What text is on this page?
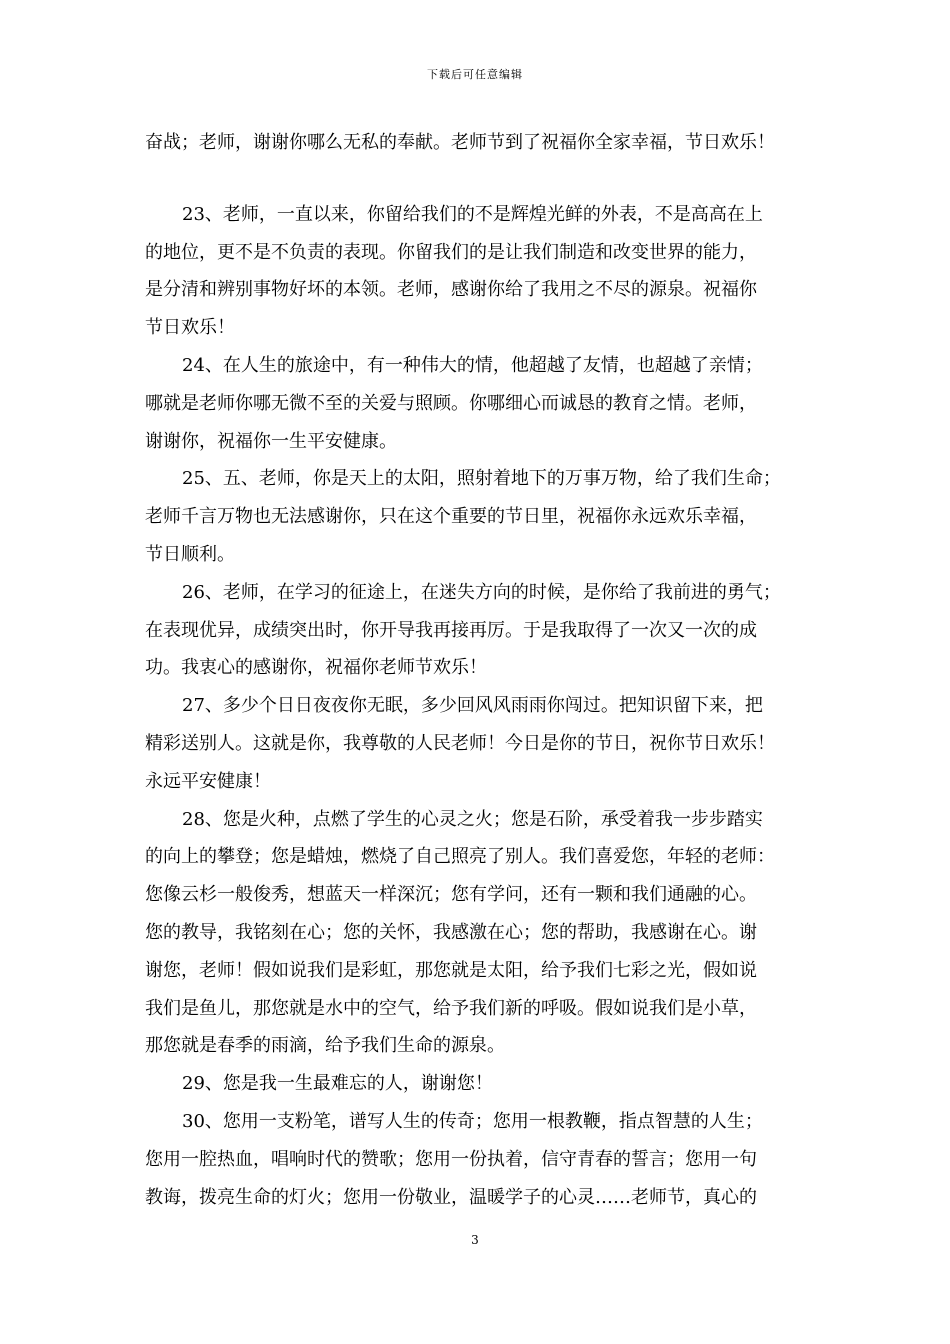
下载后可任意编辑
奋战；老师，谢谢你哪么无私的奉献。老师节到了祝福你全家幸福，节日欢乐！
23、老师，一直以来，你留给我们的不是辉煌光鲜的外表，不是高高在上
的地位，更不是不负责的表现。你留我们的是让我们制造和改变世界的能力，
是分清和辨别事物好坏的本领。老师，感谢你给了我用之不尽的源泉。祝福你
节日欢乐！
24、在人生的旅途中，有一种伟大的情，他超越了友情，也超越了亲情；
哪就是老师你哪无微不至的关爱与照顾。你哪细心而诚恳的教育之情。老师，
谢谢你，祝福你一生平安健康。
25、五、老师，你是天上的太阳，照射着地下的万事万物，给了我们生命；
老师千言万物也无法感谢你，只在这个重要的节日里，祝福你永远欢乐幸福，
节日顺利。
26、老师，在学习的征途上，在迷失方向的时候，是你给了我前进的勇气；
在表现优异，成绩突出时，你开导我再接再厉。于是我取得了一次又一次的成
功。我衷心的感谢你，祝福你老师节欢乐！
27、多少个日日夜夜你无眠，多少回风风雨雨你闯过。把知识留下来，把
精彩送别人。这就是你，我尊敬的人民老师！今日是你的节日，祝你节日欢乐！
永远平安健康！
28、您是火种，点燃了学生的心灵之火；您是石阶，承受着我一步步踏实
的向上的攀登；您是蜡烛，燃烧了自己照亮了别人。我们喜爱您，年轻的老师：
您像云杉一般俊秀，想蓝天一样深沉；您有学问，还有一颗和我们通融的心。
您的教导，我铭刻在心；您的关怀，我感激在心；您的帮助，我感谢在心。谢
谢您，老师！假如说我们是彩虹，那您就是太阳，给予我们七彩之光，假如说
我们是鱼儿，那您就是水中的空气，给予我们新的呼吸。假如说我们是小草，
那您就是春季的雨滴，给予我们生命的源泉。
29、您是我一生最难忘的人，谢谢您！
30、您用一支粉笔，谱写人生的传奇；您用一根教鞭，指点智慧的人生；
您用一腔热血，唱响时代的赞歌；您用一份执着，信守青春的誓言；您用一句
教诲，拨亮生命的灯火；您用一份敬业，温暖学子的心灵……老师节，真心的
3
